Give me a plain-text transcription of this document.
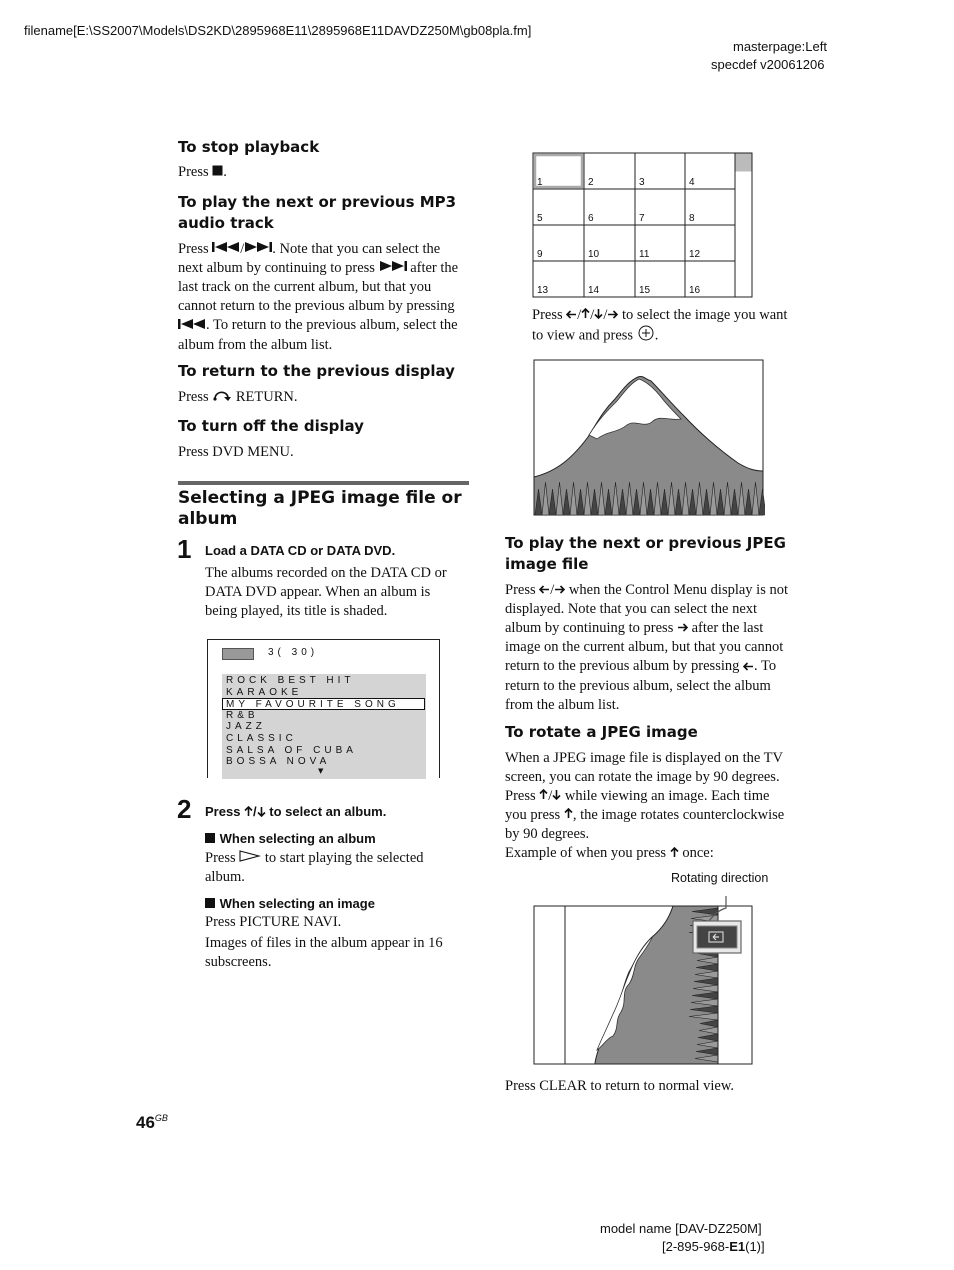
filename[E:\SS2007\Models\DS2KD\2895968E11\2895968E11DAVDZ250M\gb08pla.fm]
masterpage:Left
specdef v20061206
To stop playback

Press .

To play the next or previous MP3 audio track

Press / . Note that you can select the

next album by continuing to press  after the

last track on the current album, but that you

cannot return to the previous album by pressing

. To return to the previous album, select the

album from the album list.

To return to the previous display

Press  RETURN.

To turn off the display

Press DVD MENU.

Selecting a JPEG image file or album
1 Load a DATA CD or DATA DVD.

The albums recorded on the DATA CD or

DATA DVD appear. When an album is

being played, its title is shaded.

3( 30)
ROCK BEST HIT
KARAOKE
MY FAVOURITE SONG
R&B
JAZZ
CLASSIC
SALSA OF CUBA
BOSSA NOVA
▼
2 Press / to select an album.
When selecting an album

Press  to start playing the selected

album.

When selecting an image

Press PICTURE NAVI.

Images of files in the album appear in 16

subscreens.

1	2	3	4
5	6	7	8
9	10	11	12
13	14	15	16

Press / / / to select the image you want

to view and press .

To play the next or previous JPEG image file

Press / when the Control Menu display is not

displayed. Note that you can select the next

album by continuing to press  after the last

image on the current album, but that you cannot

return to the previous album by pressing . To

return to the previous album, select the album

from the album list.

To rotate a JPEG image

When a JPEG image file is displayed on the TV

screen, you can rotate the image by 90 degrees.

Press / while viewing an image. Each time

you press , the image rotates counterclockwise

by 90 degrees.

Example of when you press  once:

Rotating direction

Press CLEAR to return to normal view.

$46^{GB}$
model name [DAV-DZ250M]
[2-895-968-E1(1)]
